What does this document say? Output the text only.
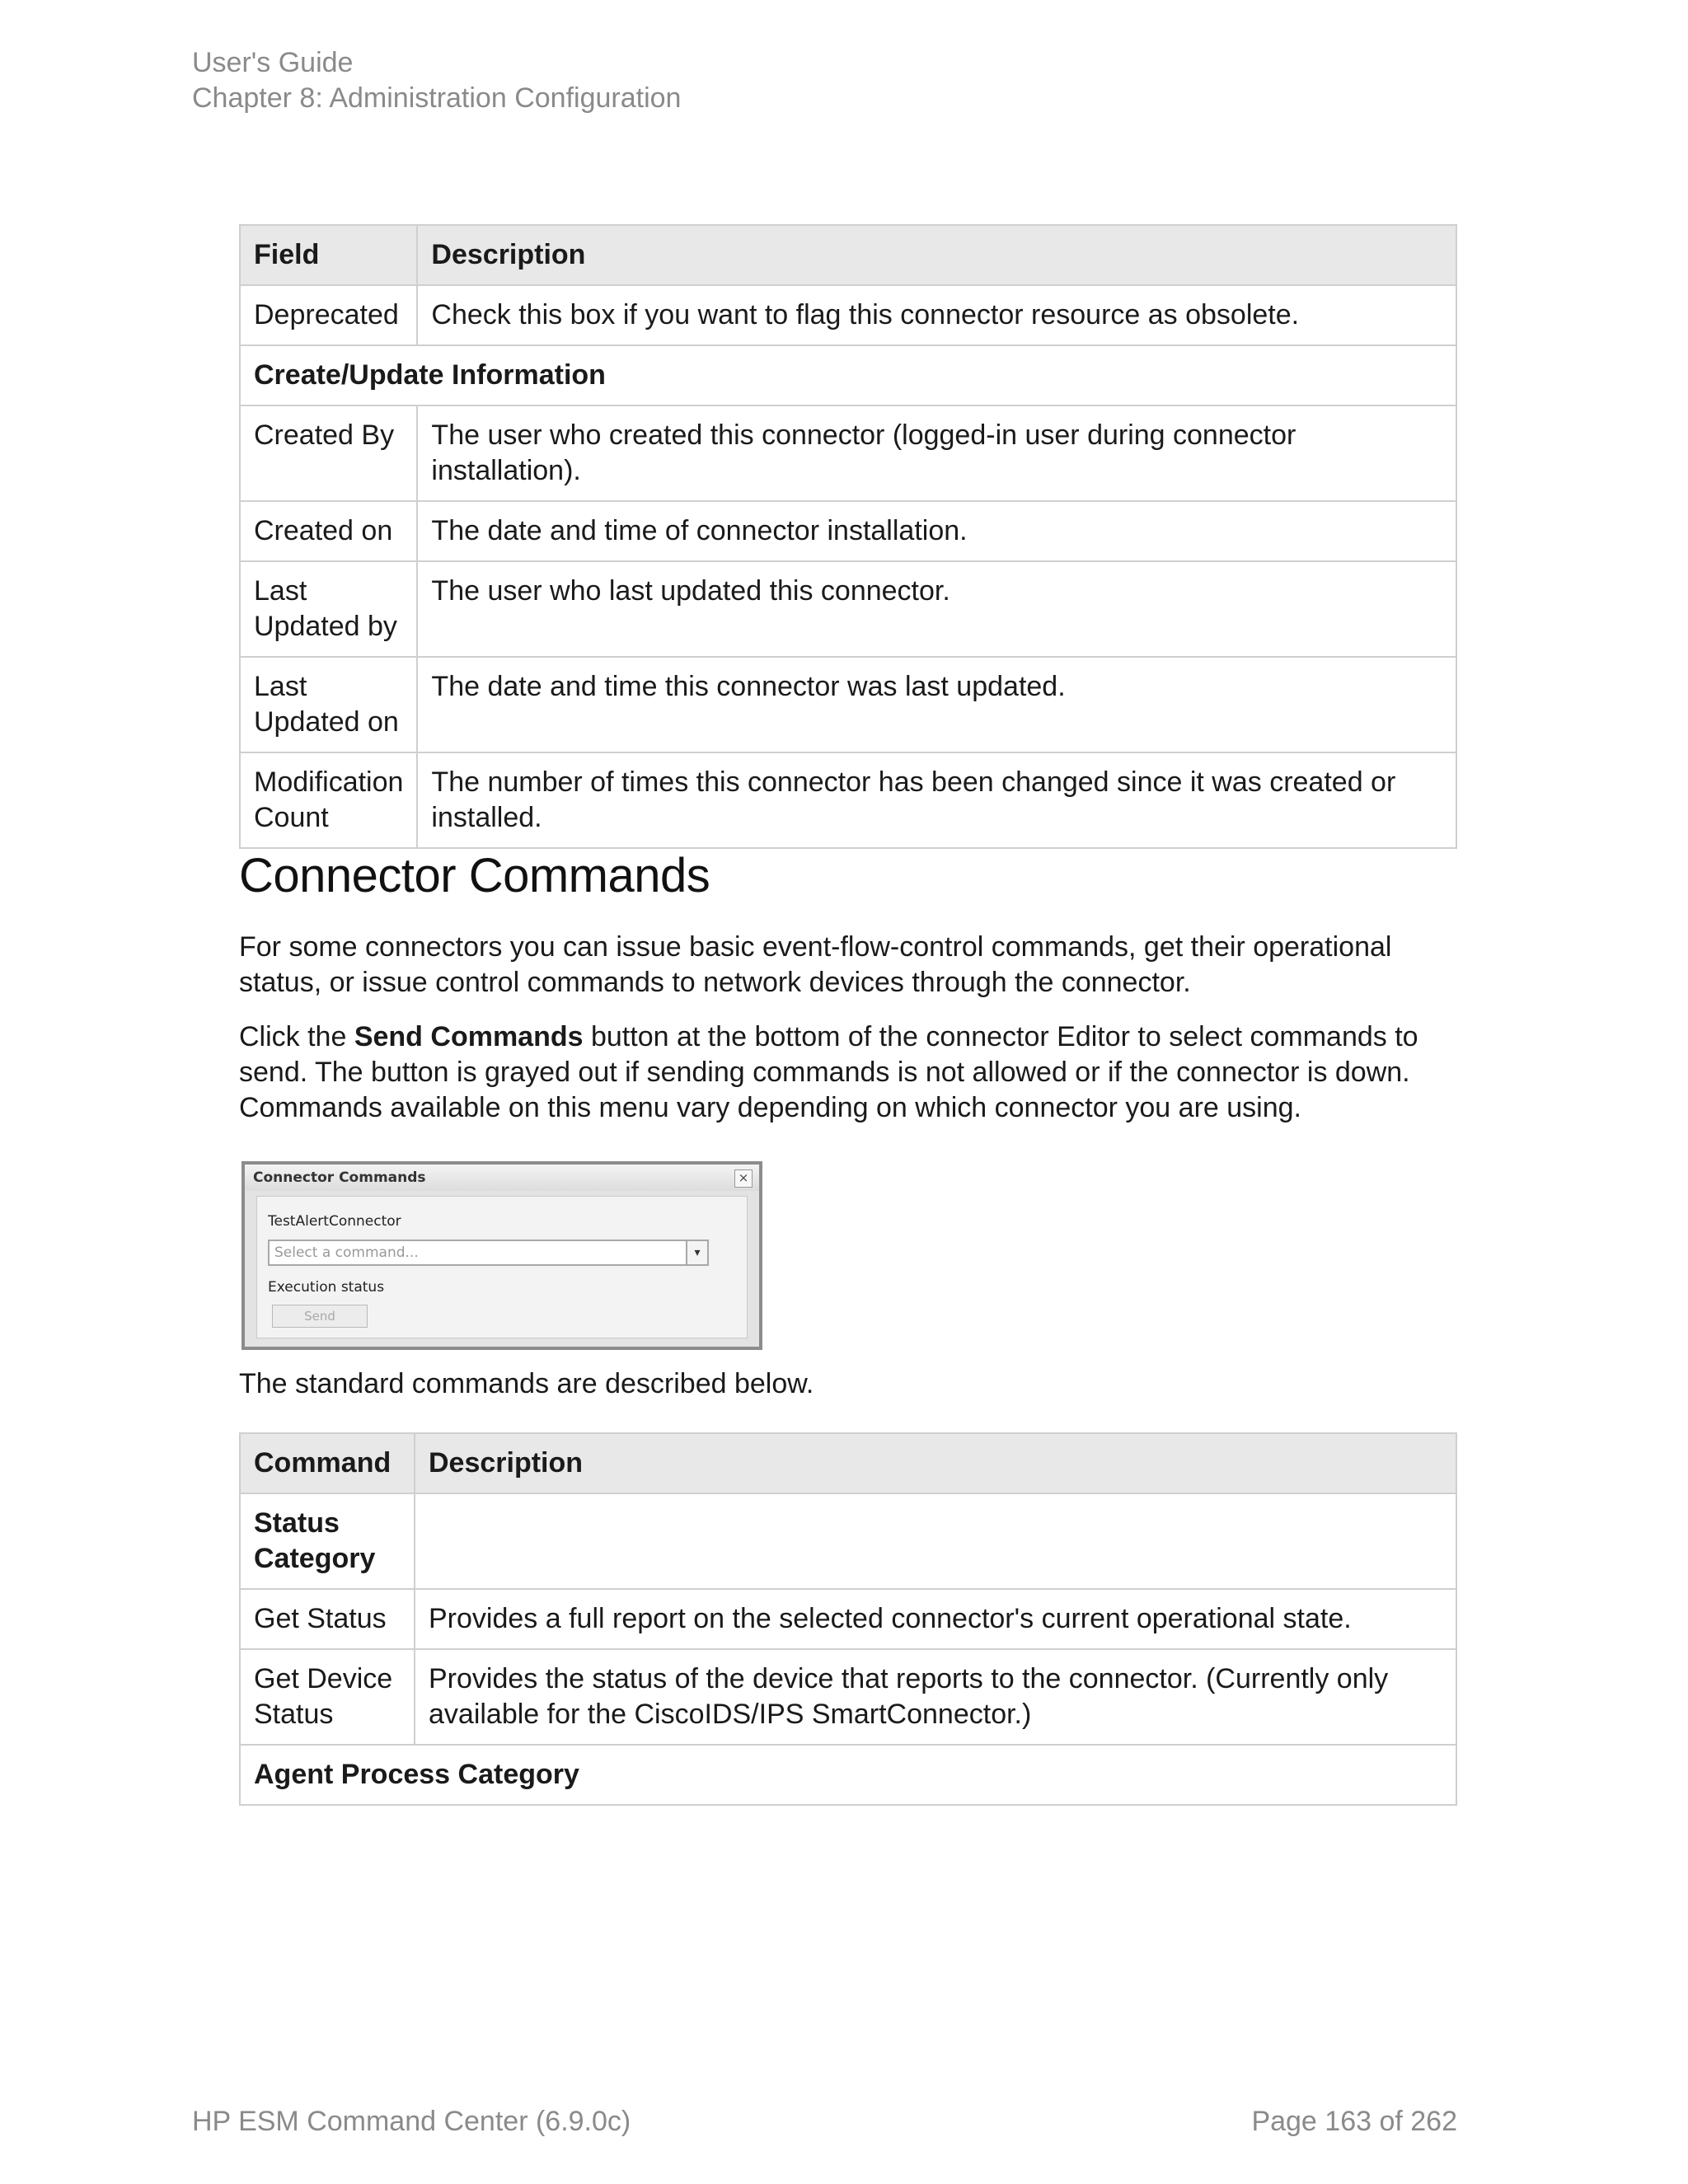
User's Guide
Chapter 8: Administration Configuration
Field	Description
Deprecated	Check this box if you want to flag this connector resource as obsolete.
Create/Update Information	
Created By	The user who created this connector (logged-in user during connector installation).
Created on	The date and time of connector installation.
Last Updated by	The user who last updated this connector.
Last Updated on	The date and time this connector was last updated.
Modification Count	The number of times this connector has been changed since it was created or installed.
Connector Commands

For some connectors you can issue basic event-flow-control commands, get their operational status, or issue control commands to network devices through the connector.

Click the Send Commands button at the bottom of the connector Editor to select commands to send. The button is grayed out if sending commands is not allowed or if the connector is down. Commands available on this menu vary depending on which connector you are using.

Connector Commands	×
TestAlertConnector
Select a command...	▾
Execution status
Send

The standard commands are described below.

Command	Description
Status Category	
Get Status	Provides a full report on the selected connector's current operational state.
Get Device Status	Provides the status of the device that reports to the connector. (Currently only available for the CiscoIDS/IPS SmartConnector.)
Agent Process Category	
HP ESM Command Center (6.9.0c)	Page 163 of 262
